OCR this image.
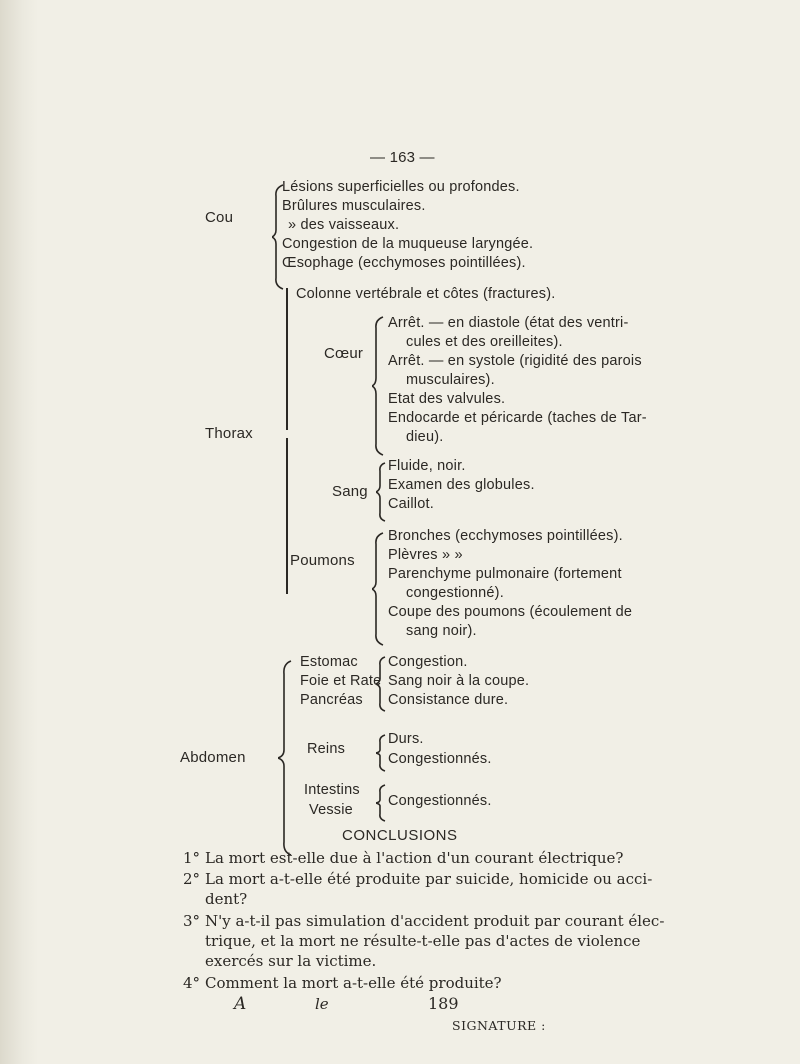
— 163 —
Cou
Lésions superficielles ou profondes.
Brûlures musculaires.
» des vaisseaux.
Congestion de la muqueuse laryngée.
Œsophage (ecchymoses pointillées).
Thorax
Colonne vertébrale et côtes (fractures).
Cœur
Arrêt. — en diastole (état des ventri-
cules et des oreilleites).
Arrêt. — en systole (rigidité des parois
musculaires).
Etat des valvules.
Endocarde et péricarde (taches de Tar-
dieu).
Sang
Fluide, noir.
Examen des globules.
Caillot.
Poumons
Bronches (ecchymoses pointillées).
Plèvres » »
Parenchyme pulmonaire (fortement
congestionné).
Coupe des poumons (écoulement de
sang noir).
Abdomen
Estomac
Foie et Rate
Pancréas
Congestion.
Sang noir à la coupe.
Consistance dure.
Reins
Durs.
Congestionnés.
Intestins
Vessie
Congestionnés.
CONCLUSIONS
1° La mort est-elle due à l'action d'un courant électrique?
2° La mort a-t-elle été produite par suicide, homicide ou acci-
dent?
3° N'y a-t-il pas simulation d'accident produit par courant élec-
trique, et la mort ne résulte-t-elle pas d'actes de violence
exercés sur la victime.
4° Comment la mort a-t-elle été produite?
A	le	189
SIGNATURE :
